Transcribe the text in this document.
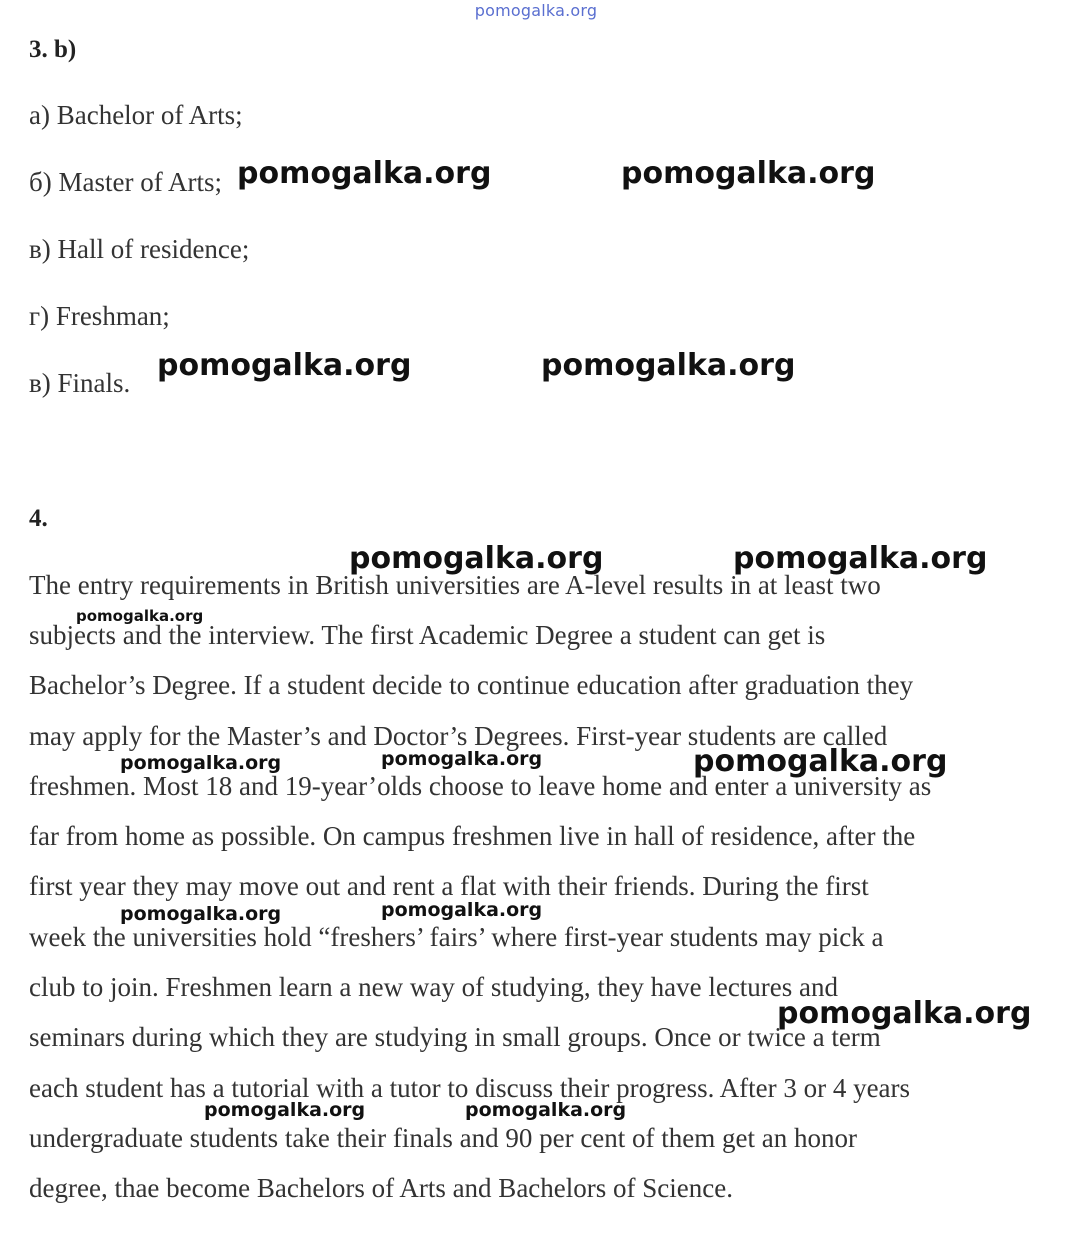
pomogalka.org
3. b)
а) Bachelor of Arts;
б) Master of Arts;
в) Hall of residence;
г) Freshman;
в) Finals.
4.
The entry requirements in British universities are A-level results in at least two
subjects and the interview. The first Academic Degree a student can get is
Bachelor’s Degree. If a student decide to continue education after graduation they
may apply for the Master’s and Doctor’s Degrees. First-year students are called
freshmen. Most 18 and 19-year’olds choose to leave home and enter a university as
far from home as possible. On campus freshmen live in hall of residence, after the
first year they may move out and rent a flat with their friends. During the first
week the universities hold “freshers’ fairs’ where first-year students may pick a
club to join. Freshmen learn a new way of studying, they have lectures and
seminars during which they are studying in small groups. Once or twice a term
each student has a tutorial with a tutor to discuss their progress. After 3 or 4 years
undergraduate students take their finals and 90 per cent of them get an honor
degree, thae become Bachelors of Arts and Bachelors of Science.
pomogalka.org	pomogalka.org
pomogalka.org	pomogalka.org
pomogalka.org	pomogalka.org
pomogalka.org
pomogalka.org	pomogalka.org	pomogalka.org
pomogalka.org	pomogalka.org
pomogalka.org
pomogalka.org	pomogalka.org
